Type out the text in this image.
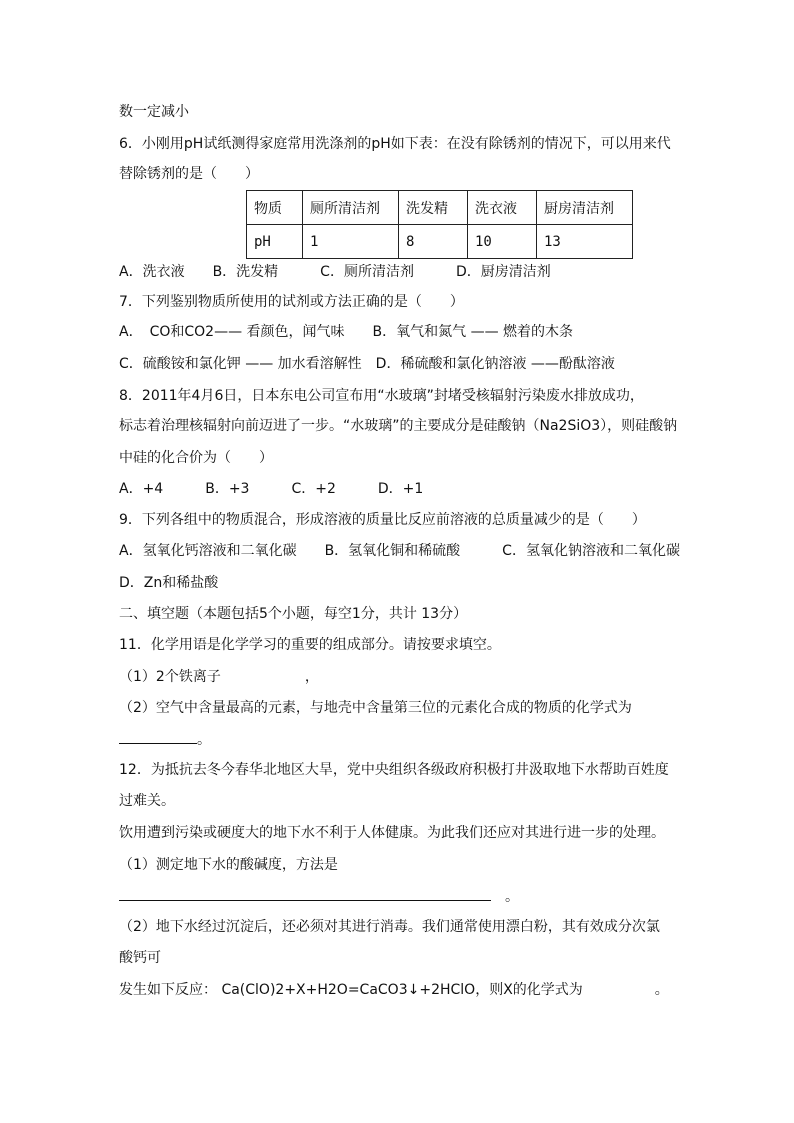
数一定减小
6．小刚用pH试纸测得家庭常用洗涤剂的pH如下表：在没有除锈剂的情况下，可以用来代
替除锈剂的是（　　）
物质	厕所清洁剂	洗发精	洗衣液	厨房清洁剂
pH	1	8	10	13
A．洗衣液　　B．洗发精　　　C．厕所清洁剂　　　D．厨房清洁剂
7．下列鉴别物质所使用的试剂或方法正确的是（　　）
A．　CO和CO2—— 看颜色，闻气味　　B．氧气和氮气 —— 燃着的木条
C．硫酸铵和氯化钾 —— 加水看溶解性　D．稀硫酸和氯化钠溶液 ——酚酞溶液
8．2011年4月6日，日本东电公司宣布用“水玻璃”封堵受核辐射污染废水排放成功，
标志着治理核辐射向前迈进了一步。“水玻璃”的主要成分是硅酸钠（Na2SiO3），则硅酸钠
中硅的化合价为（　　）
A．+4　　　B．+3　　　C．+2　　　D．+1
9．下列各组中的物质混合，形成溶液的质量比反应前溶液的总质量减少的是（　　）
A．氢氧化钙溶液和二氧化碳　　B．氢氧化铜和稀硫酸　　　C．氢氧化钠溶液和二氧化碳
D．Zn和稀盐酸
二、填空题（本题包括5个小题，每空1分，共计 13分）
11．化学用语是化学学习的重要的组成部分。请按要求填空。
（1）2个铁离子　　　　　　，
（2）空气中含量最高的元素，与地壳中含量第三位的元素化合成的物质的化学式为
。
12．为抵抗去冬今春华北地区大旱，党中央组织各级政府积极打井汲取地下水帮助百姓度
过难关。
饮用遭到污染或硬度大的地下水不利于人体健康。为此我们还应对其进行进一步的处理。
（1）测定地下水的酸碱度，方法是
。
（2）地下水经过沉淀后，还必须对其进行消毒。我们通常使用漂白粉，其有效成分次氯
酸钙可
发生如下反应： Ca(ClO)2+X+H2O=CaCO3↓+2HClO，则X的化学式为	。
